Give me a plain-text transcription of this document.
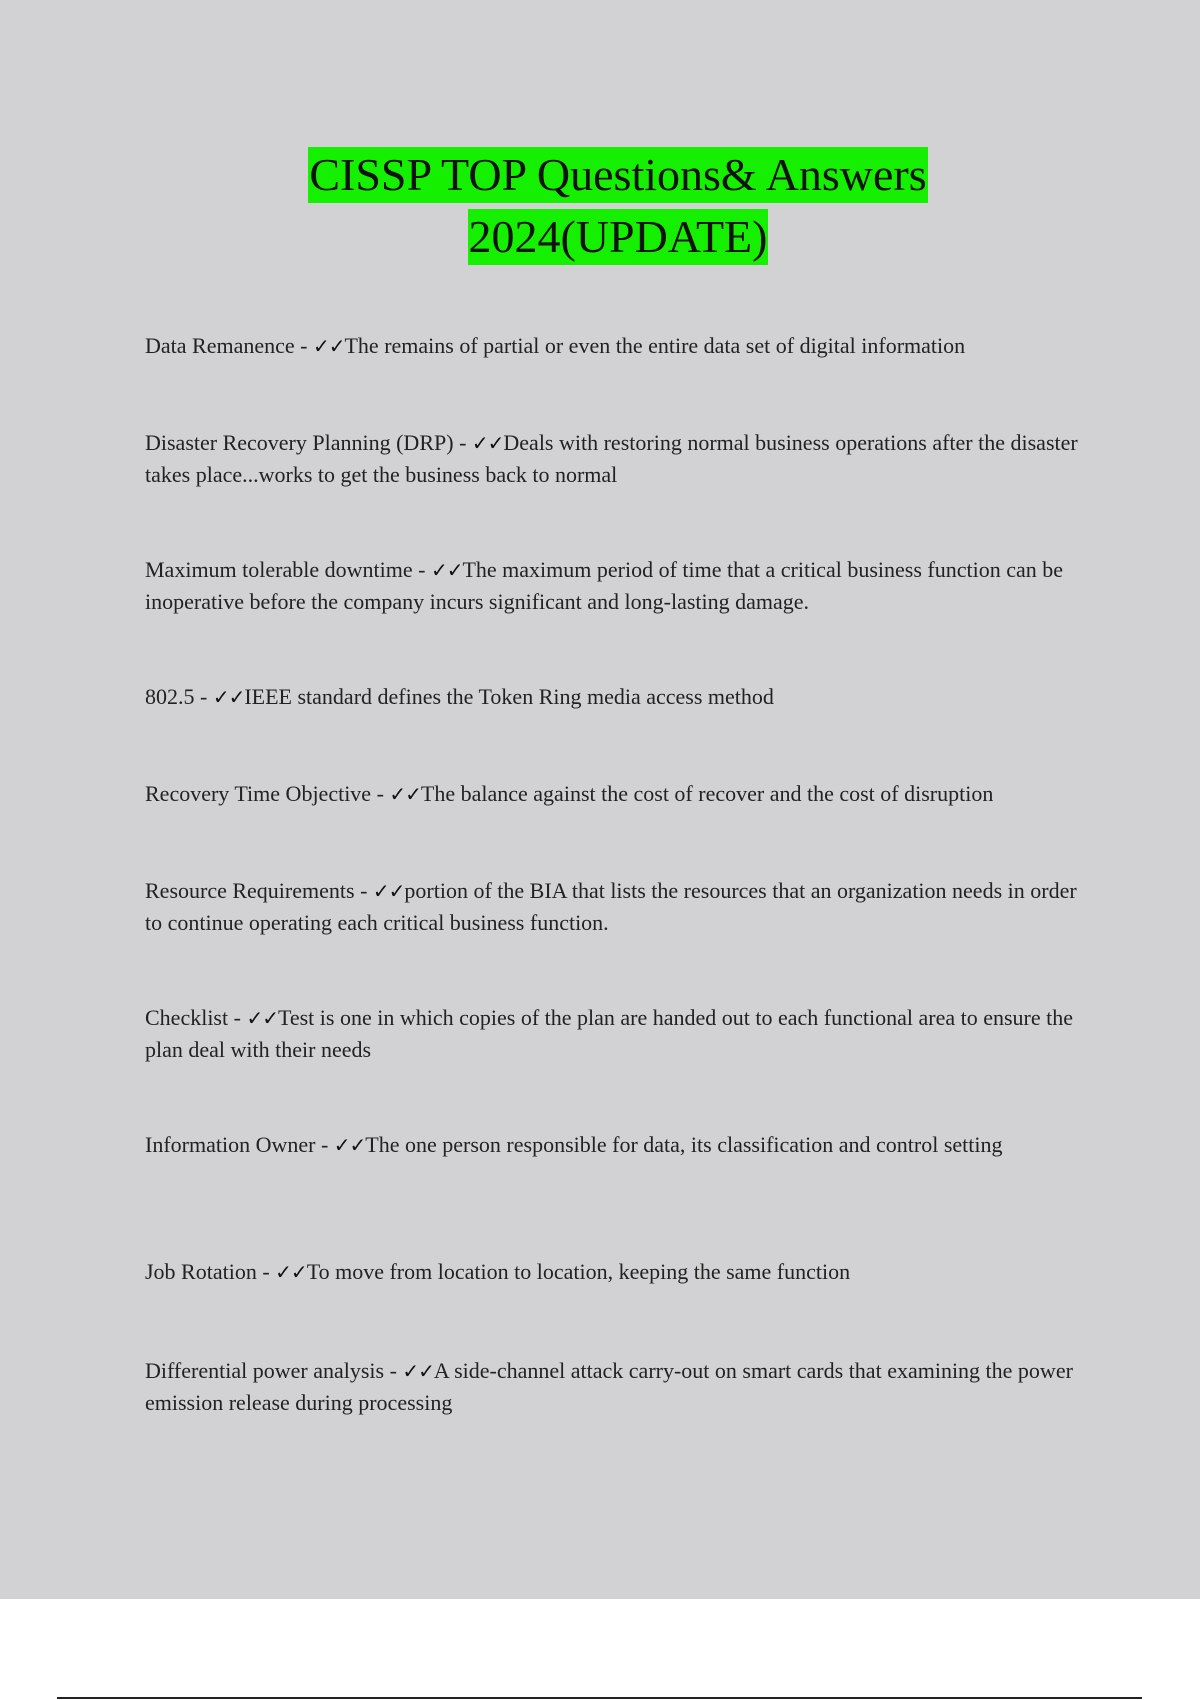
CISSP TOP Questions& Answers
2024(UPDATE)
Data Remanence - ✓✓The remains of partial or even the entire data set of digital information
Disaster Recovery Planning (DRP) - ✓✓Deals with restoring normal business operations after the disaster takes place...works to get the business back to normal
Maximum tolerable downtime - ✓✓The maximum period of time that a critical business function can be inoperative before the company incurs significant and long-lasting damage.
802.5 - ✓✓IEEE standard defines the Token Ring media access method
Recovery Time Objective - ✓✓The balance against the cost of recover and the cost of disruption
Resource Requirements - ✓✓portion of the BIA that lists the resources that an organization needs in order to continue operating each critical business function.
Checklist - ✓✓Test is one in which copies of the plan are handed out to each functional area to ensure the plan deal with their needs
Information Owner - ✓✓The one person responsible for data, its classification and control setting
Job Rotation - ✓✓To move from location to location, keeping the same function
Differential power analysis - ✓✓A side-channel attack carry-out on smart cards that examining the power emission release during processing
